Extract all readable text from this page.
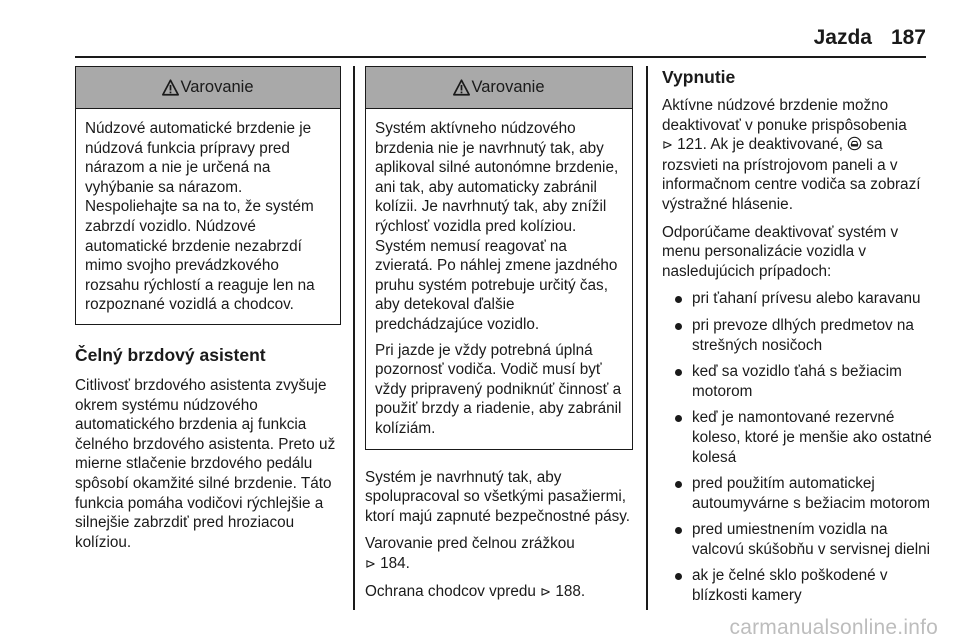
Jazda 187
Varovanie

Núdzové automatické brzdenie je núdzová funkcia prípravy pred nárazom a nie je určená na vyhýbanie sa nárazom. Nespoliehajte sa na to, že systém zabrzdí vozidlo. Núdzové automatické brzdenie nezabrzdí mimo svojho prevádzkového rozsahu rýchlostí a reaguje len na rozpoznané vozidlá a chodcov.

Čelný brzdový asistent

Citlivosť brzdového asistenta zvyšuje okrem systému núdzového automatického brzdenia aj funkcia čelného brzdového asistenta. Preto už mierne stlačenie brzdového pedálu spôsobí okamžité silné brzdenie. Táto funkcia pomáha vodičovi rýchlejšie a silnejšie zabrzdiť pred hroziacou kolíziou.

Varovanie

Systém aktívneho núdzového brzdenia nie je navrhnutý tak, aby aplikoval silné autonómne brzdenie, ani tak, aby automaticky zabránil kolízii. Je navrhnutý tak, aby znížil rýchlosť vozidla pred kolíziou. Systém nemusí reagovať na zvieratá. Po náhlej zmene jazdného pruhu systém potrebuje určitý čas, aby detekoval ďalšie predchádzajúce vozidlo.

Pri jazde je vždy potrebná úplná pozornosť vodiča. Vodič musí byť vždy pripravený podniknúť činnosť a použiť brzdy a riadenie, aby zabránil kolíziám.

Systém je navrhnutý tak, aby spolupracoval so všetkými pasažiermi, ktorí majú zapnuté bezpečnostné pásy.

Varovanie pred čelnou zrážkou
⊳ 184.

Ochrana chodcov vpredu ⊳ 188.

Vypnutie

Aktívne núdzové brzdenie možno deaktivovať v ponuke prispôsobenia
⊳ 121. Ak je deaktivované, sa rozsvieti na prístrojovom paneli a v informačnom centre vodiča sa zobrazí výstražné hlásenie.

Odporúčame deaktivovať systém v menu personalizácie vozidla v nasledujúcich prípadoch:

pri ťahaní prívesu alebo karavanu
pri prevoze dlhých predmetov na strešných nosičoch
keď sa vozidlo ťahá s bežiacim motorom
keď je namontované rezervné koleso, ktoré je menšie ako ostatné kolesá
pred použitím automatickej autoumyvárne s bežiacim motorom
pred umiestnením vozidla na valcovú skúšobňu v servisnej dielni
ak je čelné sklo poškodené v blízkosti kamery
carmanualsonline.info
